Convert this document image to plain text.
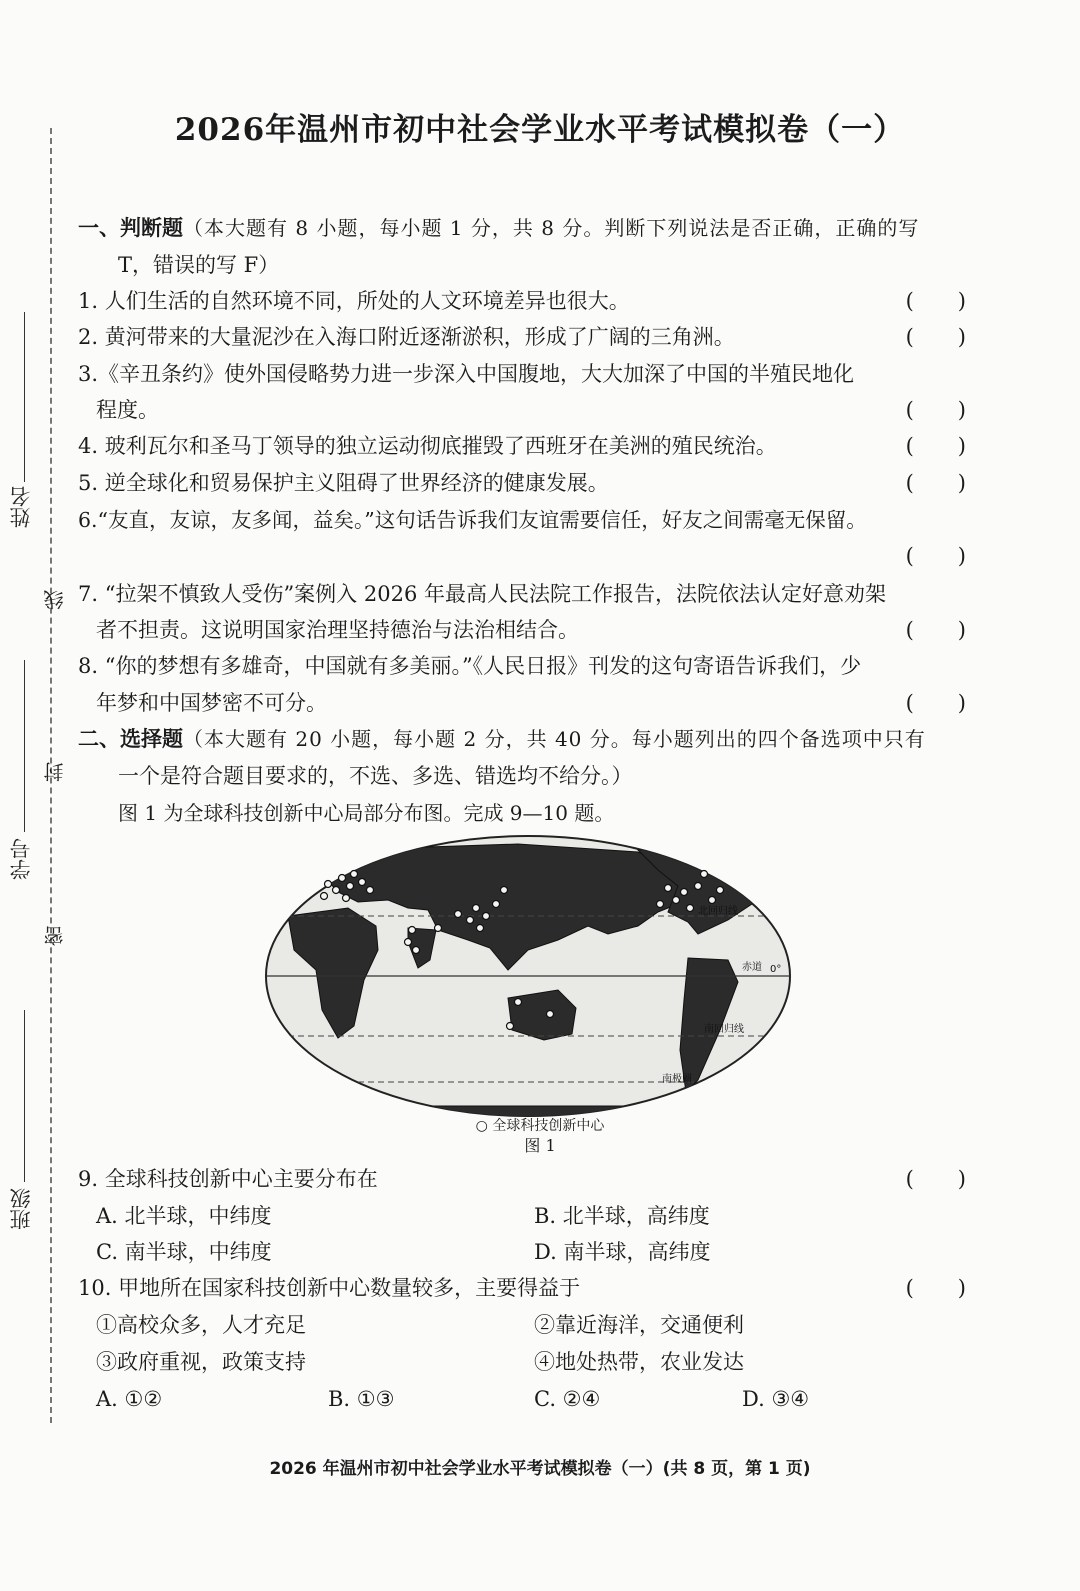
姓名
学号
班级
线
封
密
2026年温州市初中社会学业水平考试模拟卷（一）
一、判断题（本大题有 8 小题，每小题 1 分，共 8 分。判断下列说法是否正确，正确的写
T，错误的写 F）
1. 人们生活的自然环境不同，所处的人文环境差异也很大。	()
2. 黄河带来的大量泥沙在入海口附近逐渐淤积，形成了广阔的三角洲。	()
3.《辛丑条约》使外国侵略势力进一步深入中国腹地，大大加深了中国的半殖民地化
程度。	()
4. 玻利瓦尔和圣马丁领导的独立运动彻底摧毁了西班牙在美洲的殖民统治。	()
5. 逆全球化和贸易保护主义阻碍了世界经济的健康发展。	()
6.“友直，友谅，友多闻，益矣。”这句话告诉我们友谊需要信任，好友之间需毫无保留。
()
7. “拉架不慎致人受伤”案例入 2026 年最高人民法院工作报告，法院依法认定好意劝架
者不担责。这说明国家治理坚持德治与法治相结合。	()
8. “你的梦想有多雄奇，中国就有多美丽。”《人民日报》刊发的这句寄语告诉我们，少
年梦和中国梦密不可分。	()
二、选择题（本大题有 20 小题，每小题 2 分，共 40 分。每小题列出的四个备选项中只有
一个是符合题目要求的，不选、多选、错选均不给分。）
图 1 为全球科技创新中心局部分布图。完成 9—10 题。
北回归线
赤道 0°
南回归线
南极圈
○ 全球科技创新中心
图 1
9. 全球科技创新中心主要分布在	()
A. 北半球，中纬度	B. 北半球，高纬度
C. 南半球，中纬度	D. 南半球，高纬度
10. 甲地所在国家科技创新中心数量较多，主要得益于	()
①高校众多，人才充足	②靠近海洋，交通便利
③政府重视，政策支持	④地处热带，农业发达
A. ①②	B. ①③	C. ②④	D. ③④
2026 年温州市初中社会学业水平考试模拟卷（一）(共 8 页，第 1 页)
